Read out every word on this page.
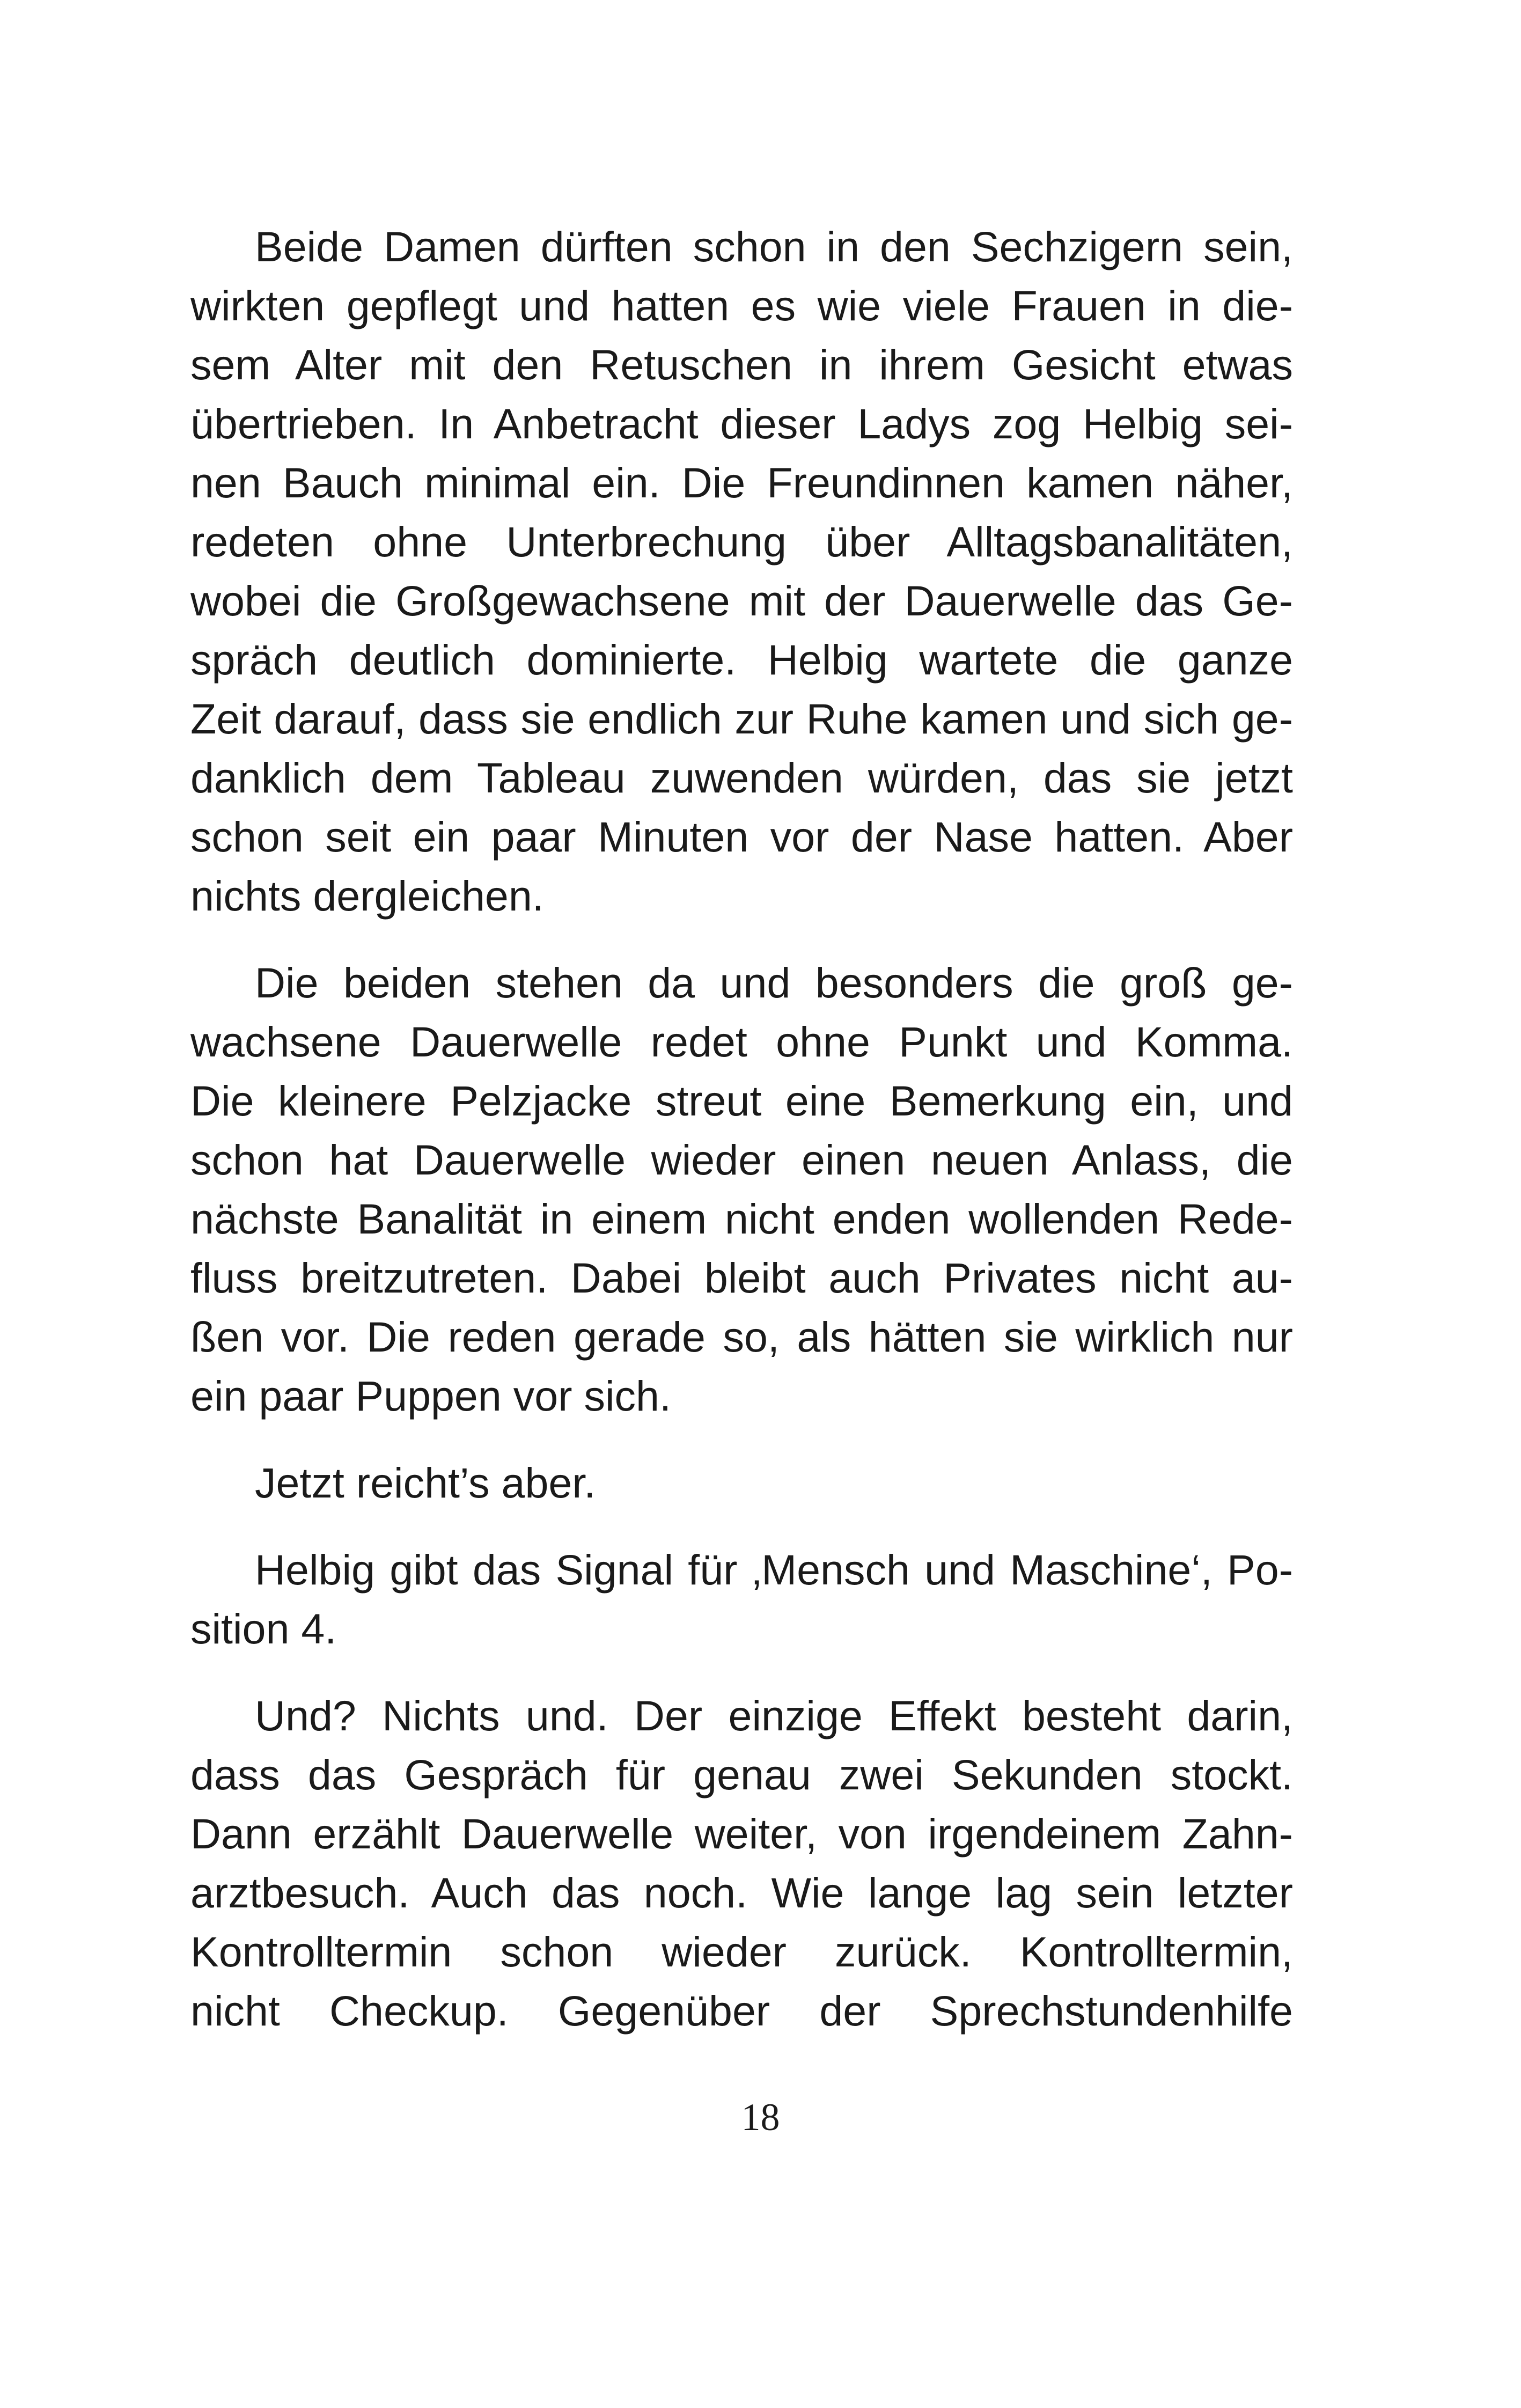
Beide Damen dürften schon in den Sechzigern sein,
wirkten gepflegt und hatten es wie viele Frauen in die-
sem Alter mit den Retuschen in ihrem Gesicht etwas
übertrieben. In Anbetracht dieser Ladys zog Helbig sei-
nen Bauch minimal ein. Die Freundinnen kamen näher,
redeten ohne Unterbrechung über Alltagsbanalitäten,
wobei die Großgewachsene mit der Dauerwelle das Ge-
spräch deutlich dominierte. Helbig wartete die ganze
Zeit darauf, dass sie endlich zur Ruhe kamen und sich ge-
danklich dem Tableau zuwenden würden, das sie jetzt
schon seit ein paar Minuten vor der Nase hatten. Aber
nichts dergleichen.
Die beiden stehen da und besonders die groß ge-
wachsene Dauerwelle redet ohne Punkt und Komma.
Die kleinere Pelzjacke streut eine Bemerkung ein, und
schon hat Dauerwelle wieder einen neuen Anlass, die
nächste Banalität in einem nicht enden wollenden Rede-
fluss breitzutreten. Dabei bleibt auch Privates nicht au-
ßen vor. Die reden gerade so, als hätten sie wirklich nur
ein paar Puppen vor sich.
Jetzt reicht’s aber.
Helbig gibt das Signal für ‚Mensch und Maschine‘, Po-
sition 4.
Und? Nichts und. Der einzige Effekt besteht darin,
dass das Gespräch für genau zwei Sekunden stockt.
Dann erzählt Dauerwelle weiter, von irgendeinem Zahn-
arztbesuch. Auch das noch. Wie lange lag sein letzter
Kontrolltermin schon wieder zurück. Kontrolltermin,
nicht Checkup. Gegenüber der Sprechstundenhilfe
18
